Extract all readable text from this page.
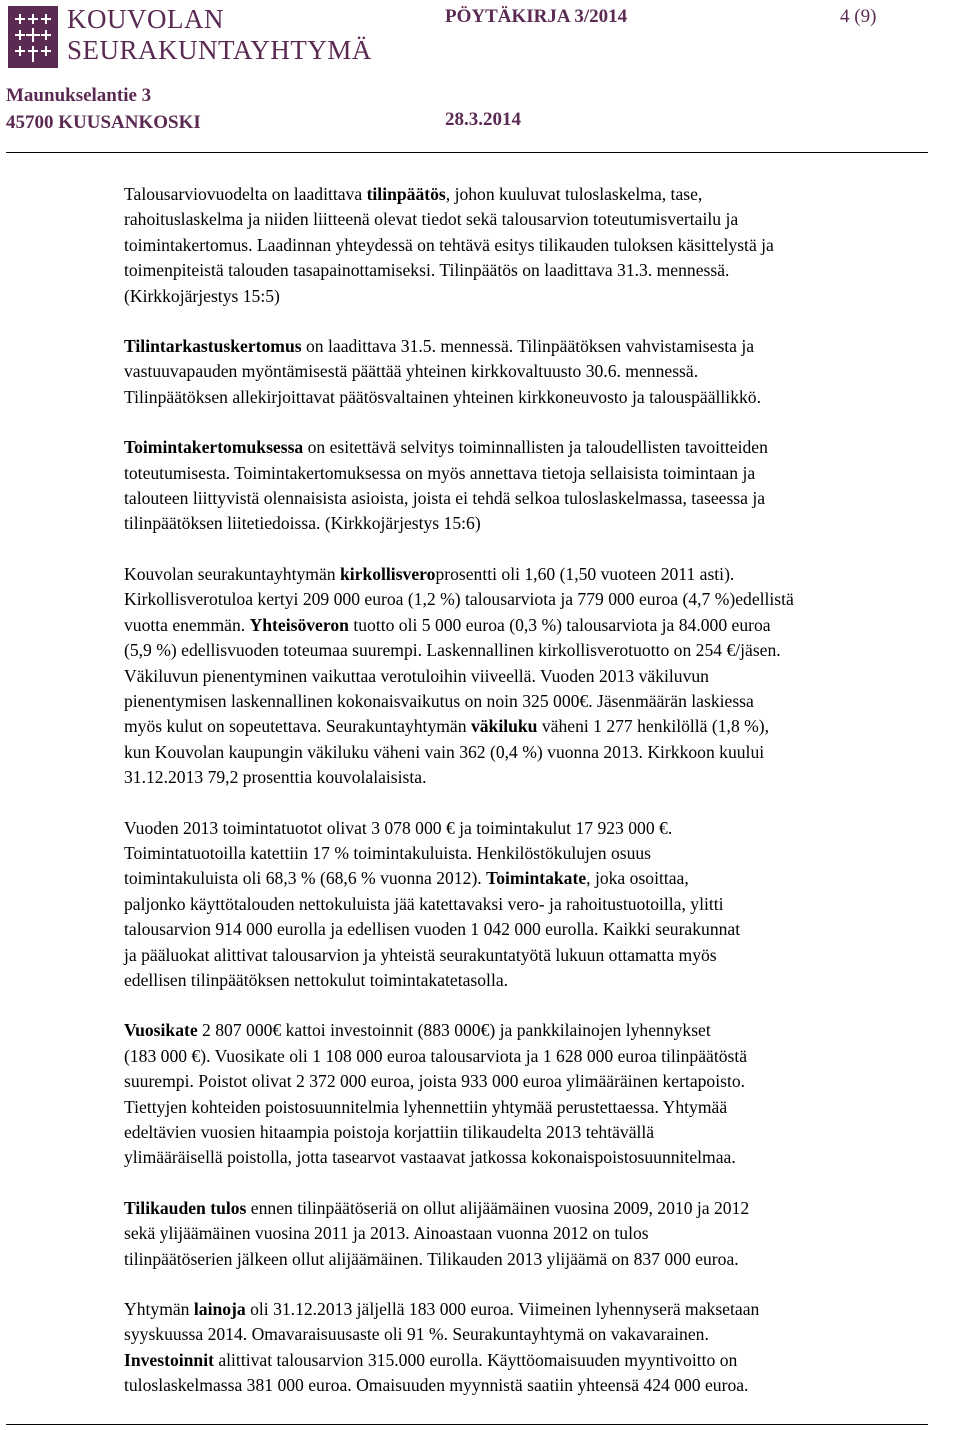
KOUVOLAN
SEURAKUNTAYHTYMÄ
PÖYTÄKIRJA 3/2014	4 (9)
Maunukselantie 3
45700 KUUSANKOSKI	28.3.2014

Talousarviovuodelta on laadittava tilinpäätös, johon kuuluvat tuloslaskelma, tase,
rahoituslaskelma ja niiden liitteenä olevat tiedot sekä talousarvion toteutumisvertailu ja
toimintakertomus. Laadinnan yhteydessä on tehtävä esitys tilikauden tuloksen käsittelystä ja
toimenpiteistä talouden tasapainottamiseksi. Tilinpäätös on laadittava 31.3. mennessä.
(Kirkkojärjestys 15:5)

Tilintarkastuskertomus on laadittava 31.5. mennessä. Tilinpäätöksen vahvistamisesta ja
vastuuvapauden myöntämisestä päättää yhteinen kirkkovaltuusto 30.6. mennessä.
Tilinpäätöksen allekirjoittavat päätösvaltainen yhteinen kirkkoneuvosto ja talouspäällikkö.

Toimintakertomuksessa on esitettävä selvitys toiminnallisten ja taloudellisten tavoitteiden
toteutumisesta. Toimintakertomuksessa on myös annettava tietoja sellaisista toimintaan ja
talouteen liittyvistä olennaisista asioista, joista ei tehdä selkoa tuloslaskelmassa, taseessa ja
tilinpäätöksen liitetiedoissa. (Kirkkojärjestys 15:6)

Kouvolan seurakuntayhtymän kirkollisveroprosentti oli 1,60 (1,50 vuoteen 2011 asti).
Kirkollisverotuloa kertyi 209 000 euroa (1,2 %) talousarviota ja 779 000 euroa (4,7 %)edellistä
vuotta enemmän. Yhteisöveron tuotto oli 5 000 euroa (0,3 %) talousarviota ja 84.000 euroa
(5,9 %) edellisvuoden toteumaa suurempi. Laskennallinen kirkollisverotuotto on 254 €/jäsen.
Väkiluvun pienentyminen vaikuttaa verotuloihin viiveellä. Vuoden 2013 väkiluvun
pienentymisen laskennallinen kokonaisvaikutus on noin 325 000€. Jäsenmäärän laskiessa
myös kulut on sopeutettava. Seurakuntayhtymän väkiluku väheni 1 277 henkilöllä (1,8 %),
kun Kouvolan kaupungin väkiluku väheni vain 362 (0,4 %) vuonna 2013. Kirkkoon kuului
31.12.2013 79,2 prosenttia kouvolalaisista.

Vuoden 2013 toimintatuotot olivat 3 078 000 € ja toimintakulut 17 923 000 €.
Toimintatuotoilla katettiin 17 % toimintakuluista. Henkilöstökulujen osuus
toimintakuluista oli 68,3 % (68,6 % vuonna 2012). Toimintakate, joka osoittaa,
paljonko käyttötalouden nettokuluista jää katettavaksi vero- ja rahoitustuotoilla, ylitti
talousarvion 914 000 eurolla ja edellisen vuoden 1 042 000 eurolla. Kaikki seurakunnat
ja pääluokat alittivat talousarvion ja yhteistä seurakuntatyötä lukuun ottamatta myös
edellisen tilinpäätöksen nettokulut toimintakatetasolla.

Vuosikate 2 807 000€ kattoi investoinnit (883 000€) ja pankkilainojen lyhennykset
(183 000 €). Vuosikate oli 1 108 000 euroa talousarviota ja 1 628 000 euroa tilinpäätöstä
suurempi. Poistot olivat 2 372 000 euroa, joista 933 000 euroa ylimääräinen kertapoisto.
Tiettyjen kohteiden poistosuunnitelmia lyhennettiin yhtymää perustettaessa. Yhtymää
edeltävien vuosien hitaampia poistoja korjattiin tilikaudelta 2013 tehtävällä
ylimääräisellä poistolla, jotta tasearvot vastaavat jatkossa kokonaispoistosuunnitelmaa.

Tilikauden tulos ennen tilinpäätöseriä on ollut alijäämäinen vuosina 2009, 2010 ja 2012
sekä ylijäämäinen vuosina 2011 ja 2013. Ainoastaan vuonna 2012 on tulos
tilinpäätöserien jälkeen ollut alijäämäinen. Tilikauden 2013 ylijäämä on 837 000 euroa.

Yhtymän lainoja oli 31.12.2013 jäljellä 183 000 euroa. Viimeinen lyhennyserä maksetaan
syyskuussa 2014. Omavaraisuusaste oli 91 %. Seurakuntayhtymä on vakavarainen.
Investoinnit alittivat talousarvion 315.000 eurolla. Käyttöomaisuuden myyntivoitto on
tuloslaskelmassa 381 000 euroa. Omaisuuden myynnistä saatiin yhteensä 424 000 euroa.
